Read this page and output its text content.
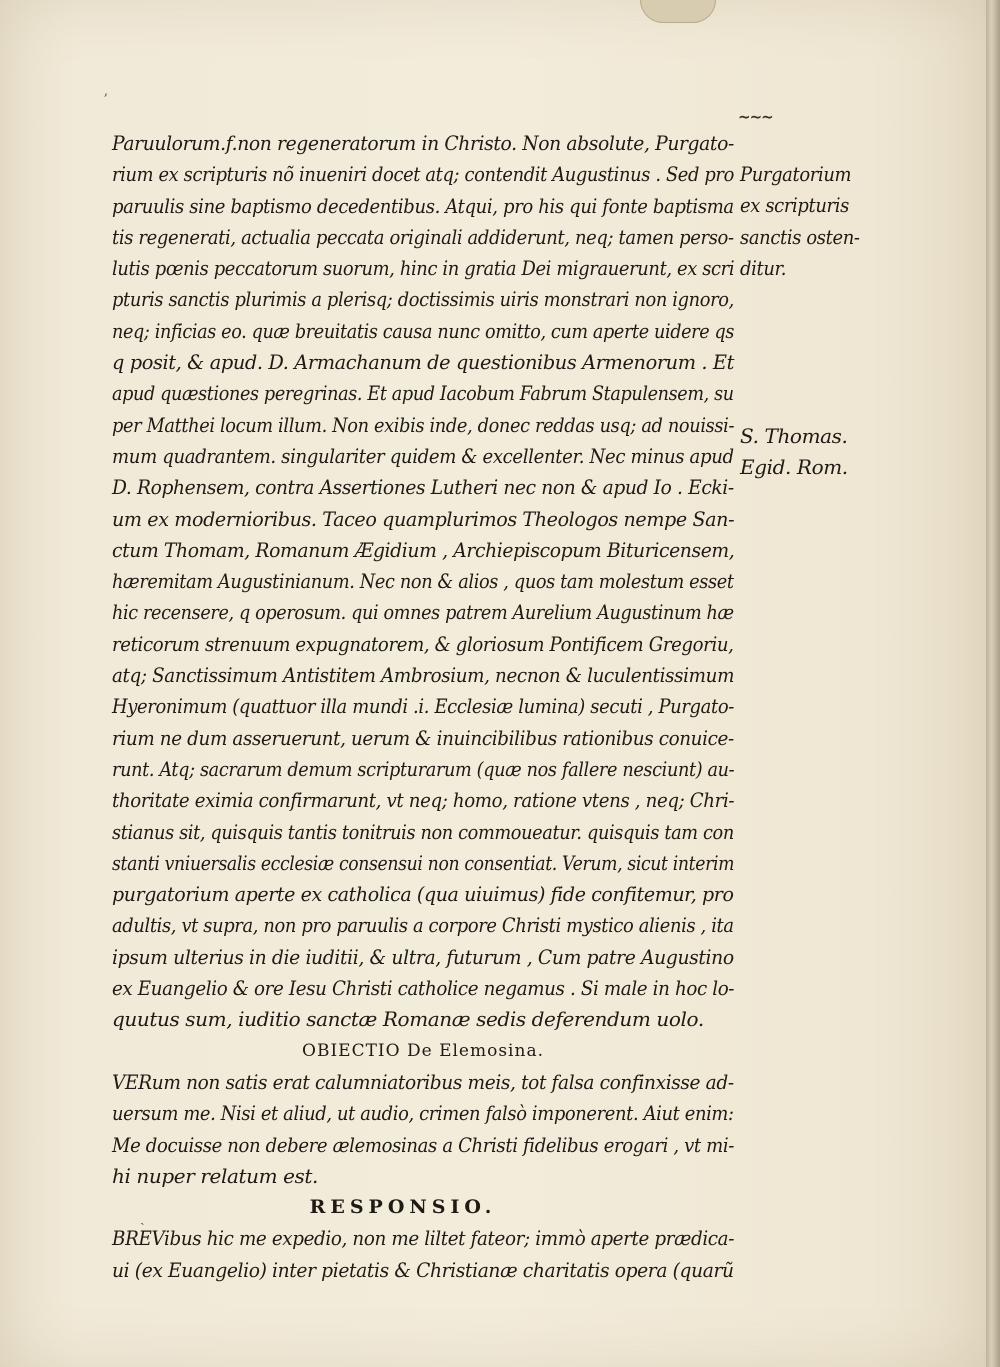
ʼ
~~~
Paruulorum.f.non regeneratorum in Christo. Non absolute, Purgato‐
rium ex scripturis nõ inueniri docet atq; contendit Augustinus . Sed pro
paruulis sine baptismo decedentibus. Atqui, pro his qui fonte baptisma
tis regenerati, actualia peccata originali addiderunt, neq; tamen perso‐
lutis pœnis peccatorum suorum, hinc in gratia Dei migrauerunt, ex scri
pturis sanctis plurimis a plerisq; doctissimis uiris monstrari non ignoro,
neq; inficias eo. quæ breuitatis causa nunc omitto, cum aperte uidere qs
q posit, & apud. D. Armachanum de questionibus Armenorum . Et
apud quæstiones peregrinas. Et apud Iacobum Fabrum Stapulensem, su
per Matthei locum illum. Non exibis inde, donec reddas usq; ad nouissi‐
mum quadrantem. singulariter quidem & excellenter. Nec minus apud
D. Rophensem, contra Assertiones Lutheri nec non & apud Io . Ecki‐
um ex modernioribus. Taceo quamplurimos Theologos nempe San‐
ctum Thomam, Romanum Ægidium , Archiepiscopum Bituricensem,
hæremitam Augustinianum. Nec non & alios , quos tam molestum esset
hic recensere, q operosum. qui omnes patrem Aurelium Augustinum hæ
reticorum strenuum expugnatorem, & gloriosum Pontificem Gregoriu,
atq; Sanctissimum Antistitem Ambrosium, necnon & luculentissimum
Hyeronimum (quattuor illa mundi .i. Ecclesiæ lumina) secuti , Purgato‐
rium ne dum asseruerunt, uerum & inuincibilibus rationibus conuice‐
runt. Atq; sacrarum demum scripturarum (quæ nos fallere nesciunt) au‐
thoritate eximia confirmarunt, vt neq; homo, ratione vtens , neq; Chri‐
stianus sit, quisquis tantis tonitruis non commoueatur. quisquis tam con
stanti vniuersalis ecclesiæ consensui non consentiat. Verum, sicut interim
purgatorium aperte ex catholica (qua uiuimus) fide confitemur, pro
adultis, vt supra, non pro paruulis a corpore Christi mystico alienis , ita
ipsum ulterius in die iuditii, & ultra, futurum , Cum patre Augustino
ex Euangelio & ore Iesu Christi catholice negamus . Si male in hoc lo‐
quutus sum, iuditio sanctæ Romanæ sedis deferendum uolo.
OBIECTIO De Elemosina.
VERum non satis erat calumniatoribus meis, tot falsa confinxisse ad‐
uersum me. Nisi et aliud, ut audio, crimen falsò imponerent. Aiut enim:
Me docuisse non debere ælemosinas a Christi fidelibus erogari , vt mi‐
hi nuper relatum est.
RESPONSIO.
BREVibus hic me expedio, non me liltet fateor; immò aperte prædica‐
ui (ex Euangelio) inter pietatis & Christianæ charitatis opera (quarũ
Purgatorium
ex scripturis
sanctis osten‐
ditur.
S. Thomas.
Egid. Rom.
ˏ
